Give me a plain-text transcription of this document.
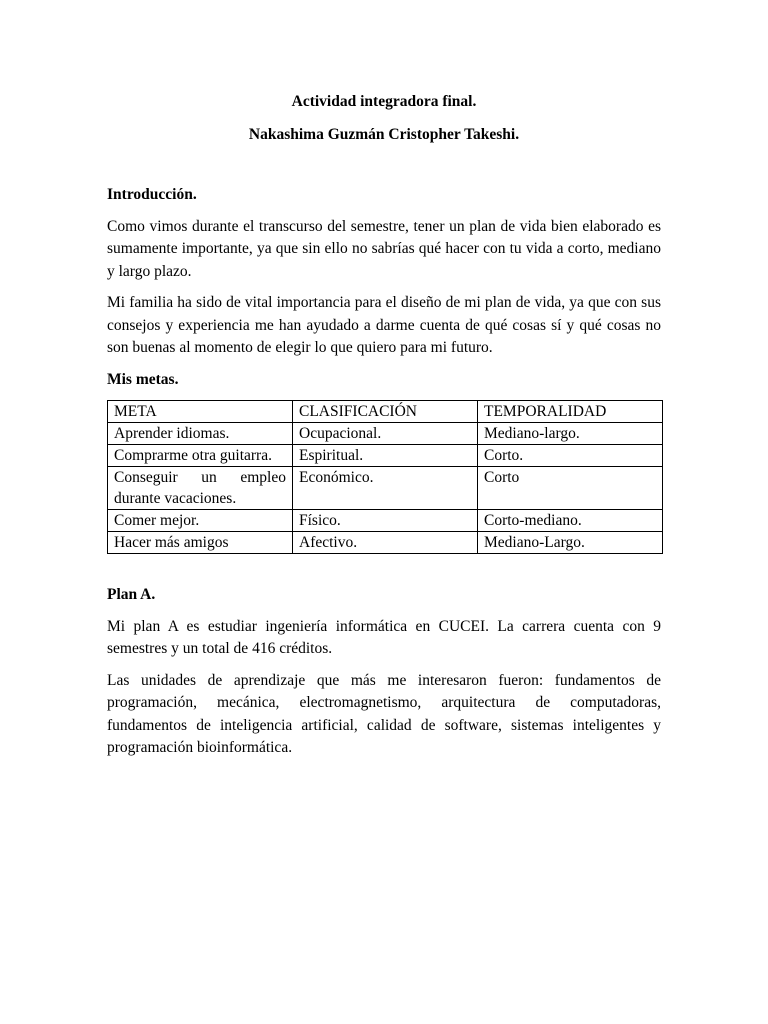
Actividad integradora final.

Nakashima Guzmán Cristopher Takeshi.

Introducción.

Como vimos durante el transcurso del semestre, tener un plan de vida bien elaborado es sumamente importante, ya que sin ello no sabrías qué hacer con tu vida a corto, mediano y largo plazo.

Mi familia ha sido de vital importancia para el diseño de mi plan de vida, ya que con sus consejos y experiencia me han ayudado a darme cuenta de qué cosas sí y qué cosas no son buenas al momento de elegir lo que quiero para mi futuro.

Mis metas.

META	CLASIFICACIÓN	TEMPORALIDAD
Aprender idiomas.	Ocupacional.	Mediano-largo.
Comprarme otra guitarra.	Espiritual.	Corto.
Conseguir un empleo durante vacaciones.	Económico.	Corto
Comer mejor.	Físico.	Corto-mediano.
Hacer más amigos	Afectivo.	Mediano-Largo.

Plan A.

Mi plan A es estudiar ingeniería informática en CUCEI. La carrera cuenta con 9 semestres y un total de 416 créditos.

Las unidades de aprendizaje que más me interesaron fueron: fundamentos de programación, mecánica, electromagnetismo, arquitectura de computadoras, fundamentos de inteligencia artificial, calidad de software, sistemas inteligentes y programación bioinformática.
